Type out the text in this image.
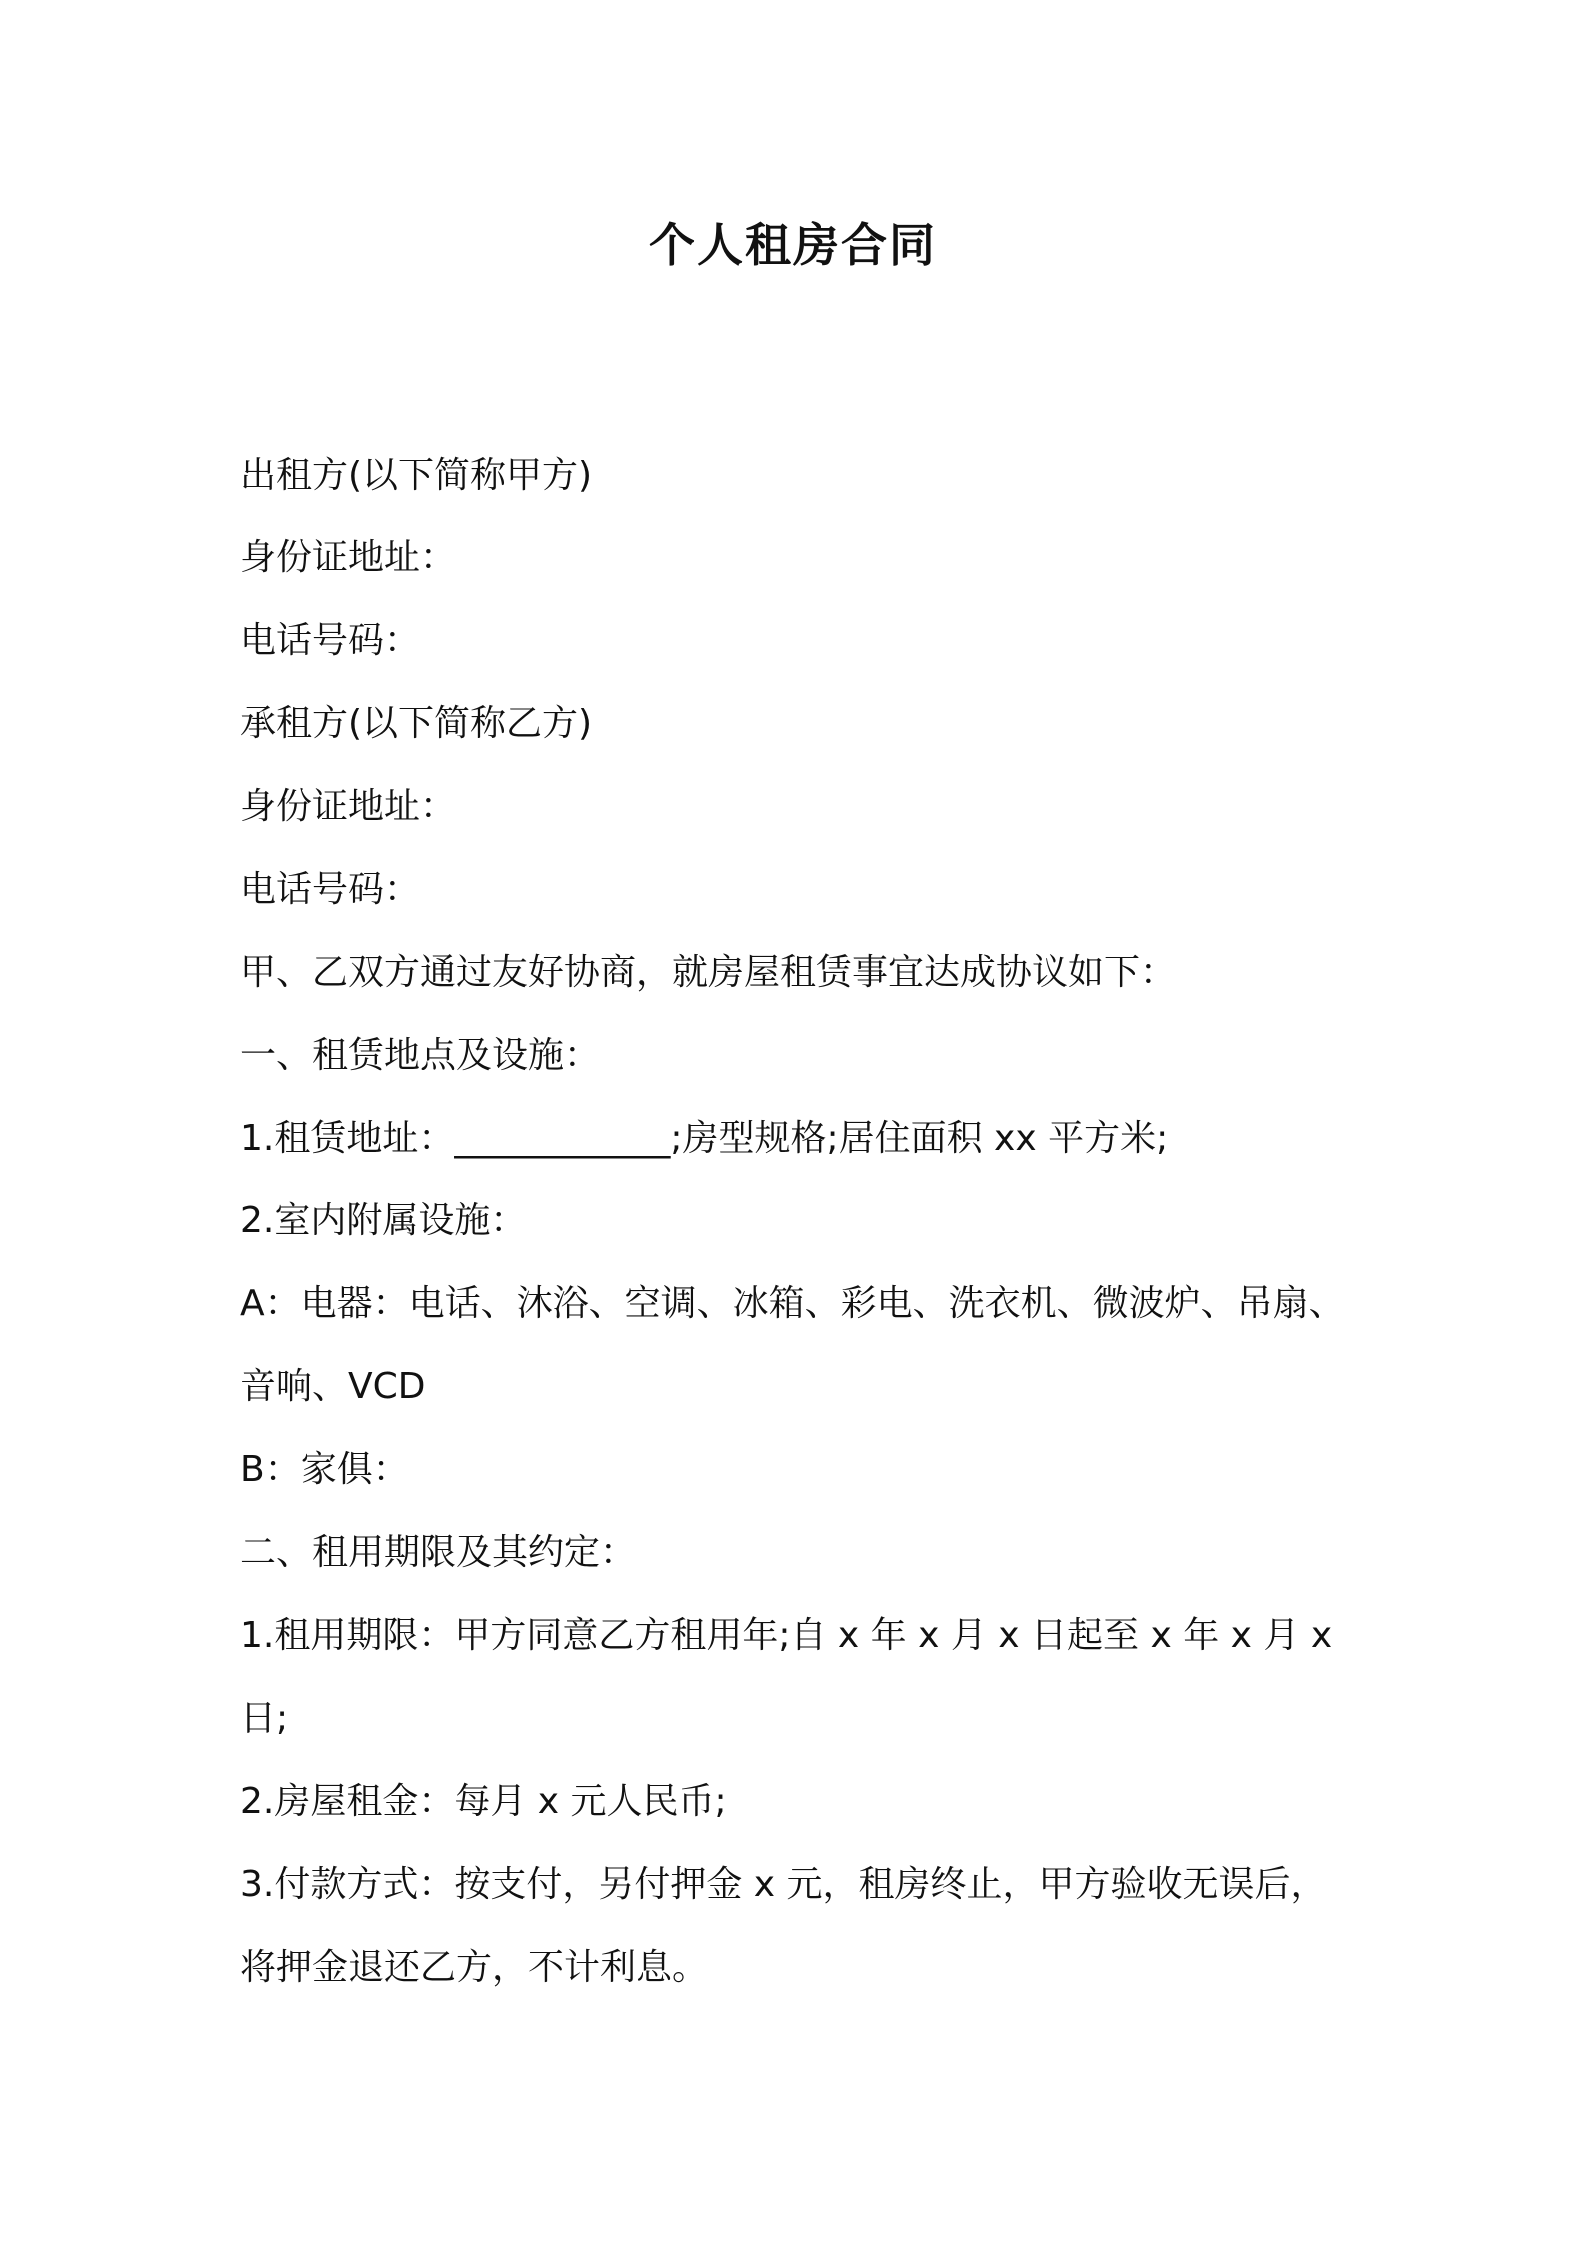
个人租房合同
出租方(以下简称甲方)
身份证地址：
电话号码：
承租方(以下简称乙方)
身份证地址：
电话号码：
甲、乙双方通过友好协商，就房屋租赁事宜达成协议如下：
一、租赁地点及设施：
1.租赁地址：____________;房型规格;居住面积 xx 平方米;
2.室内附属设施：
A：电器：电话、沐浴、空调、冰箱、彩电、洗衣机、微波炉、吊扇、
音响、VCD
B：家俱：
二、租用期限及其约定：
1.租用期限：甲方同意乙方租用年;自 x 年 x 月 x 日起至 x 年 x 月 x
日;
2.房屋租金：每月 x 元人民币;
3.付款方式：按支付，另付押金 x 元，租房终止，甲方验收无误后，
将押金退还乙方，不计利息。
